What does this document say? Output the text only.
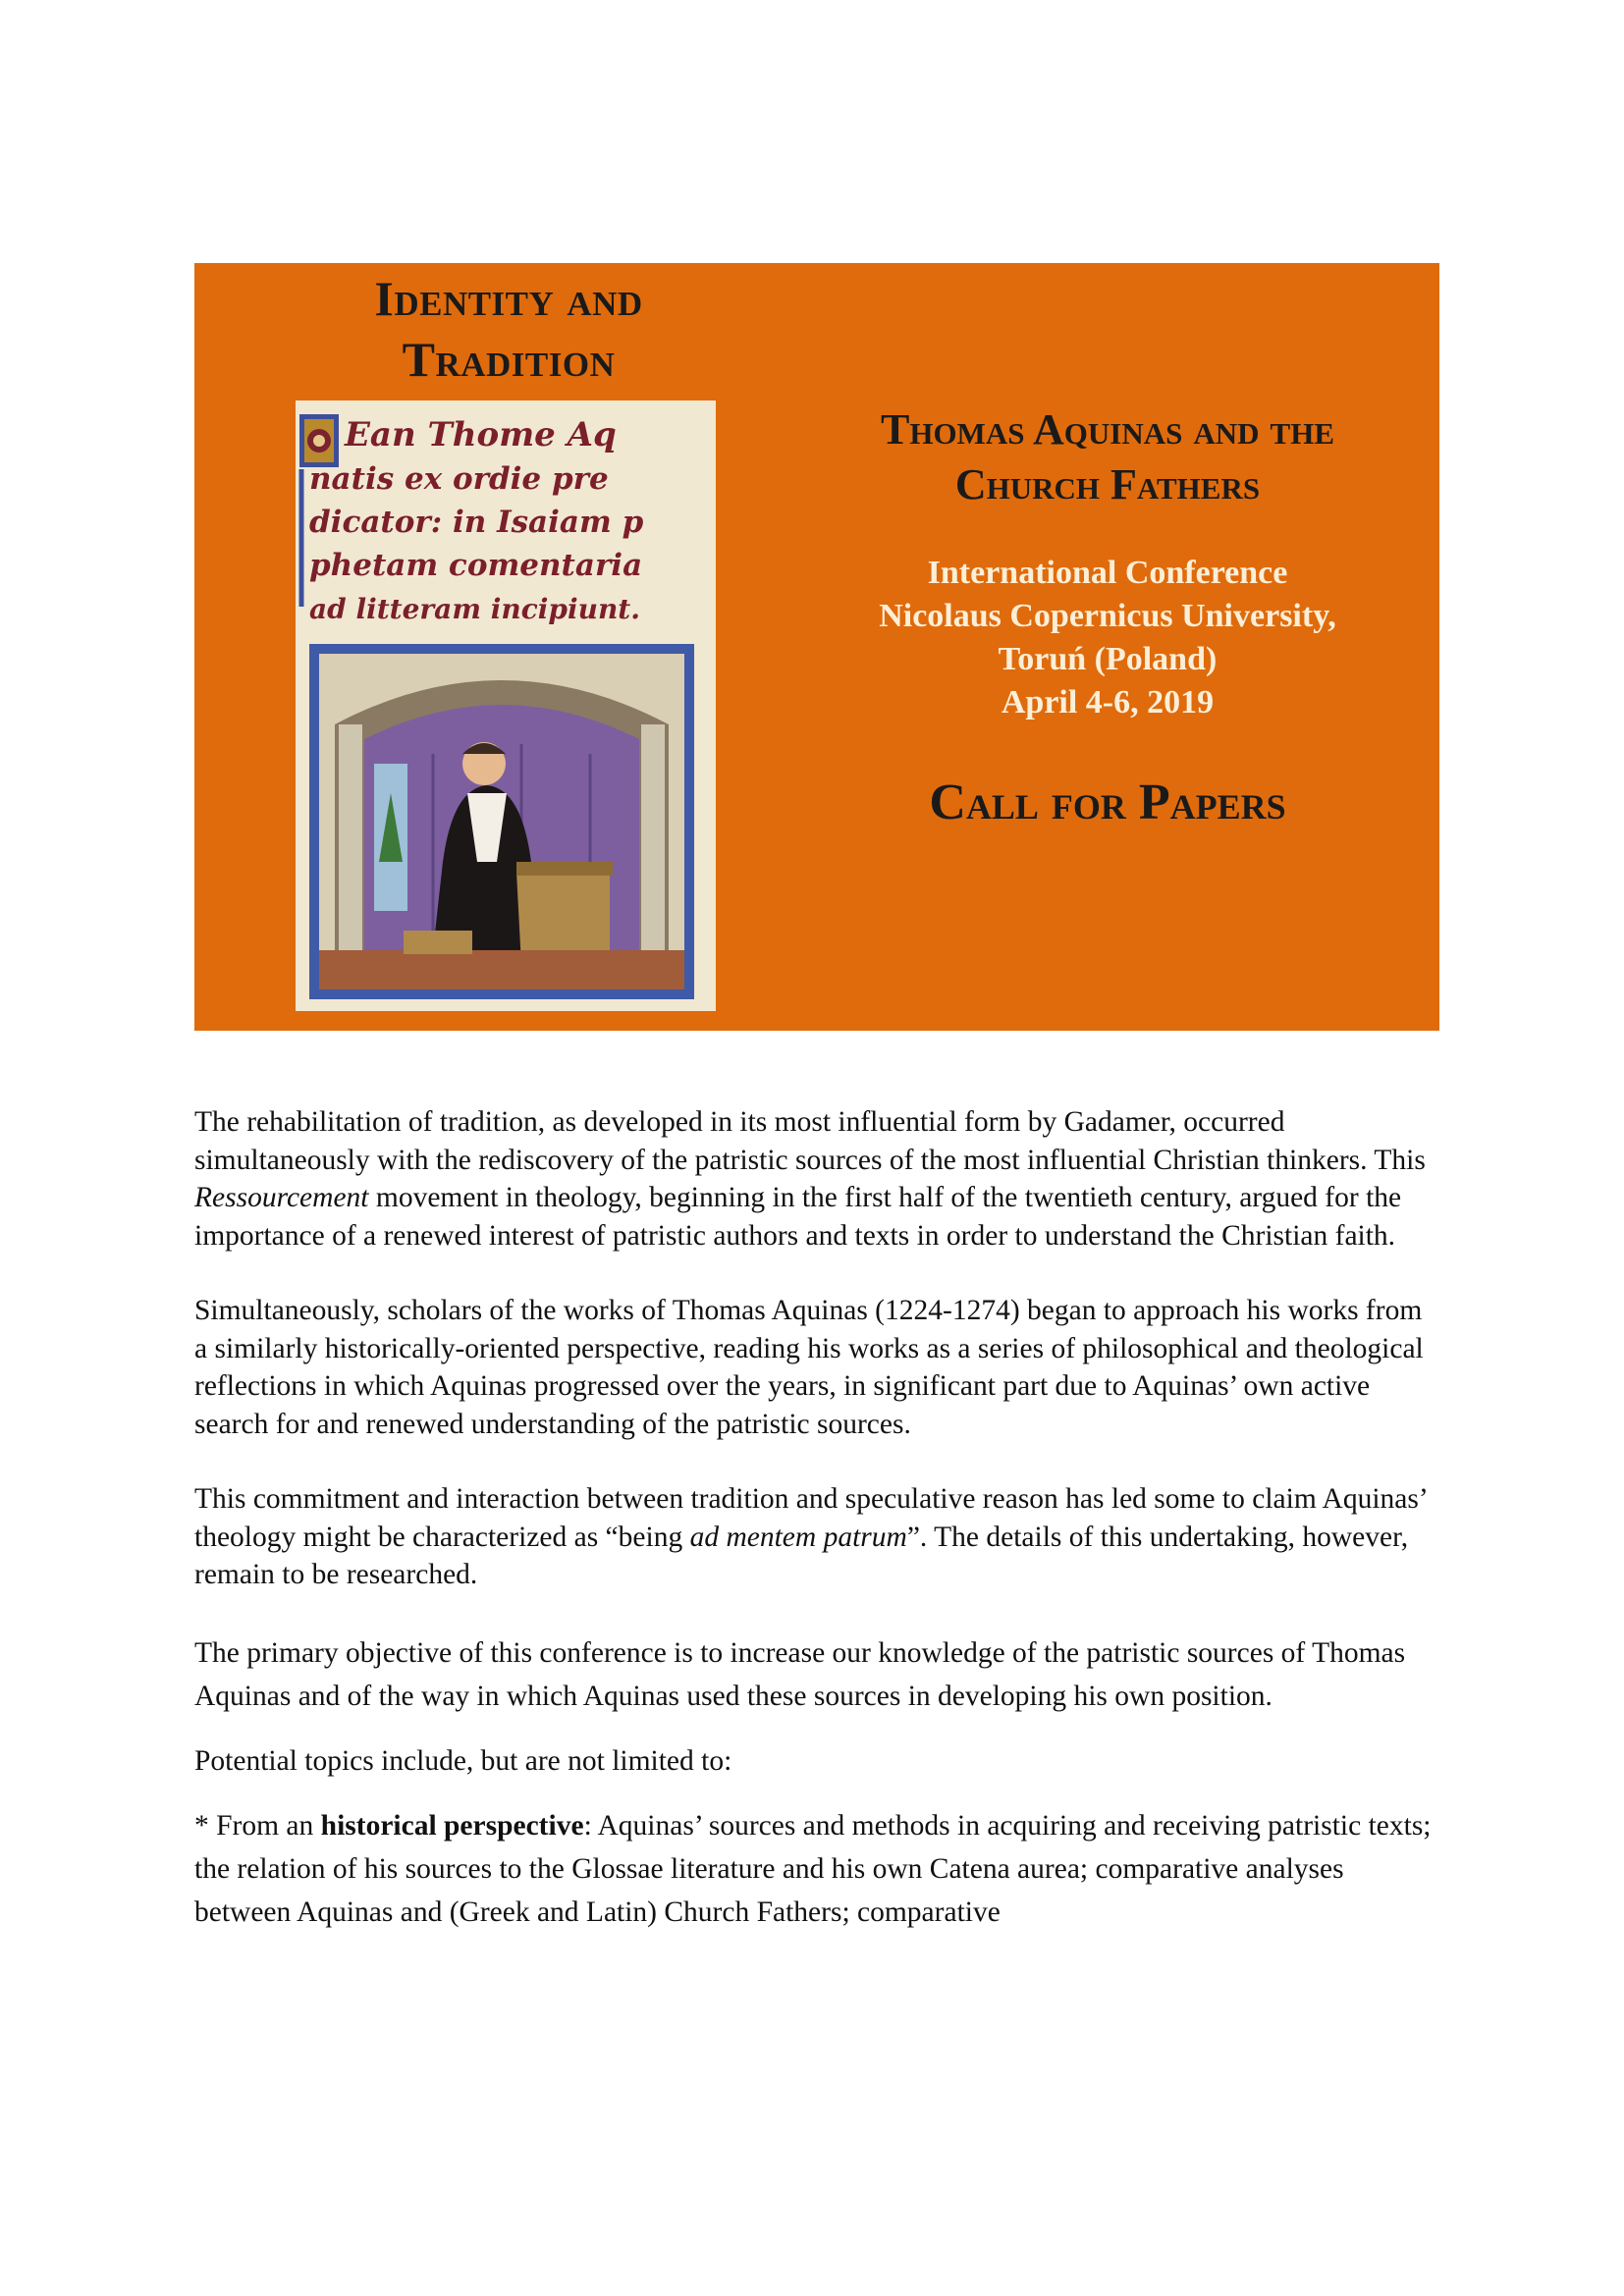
Identity and
Tradition
Ean Thome Aq
natis ex ordie pre
dicator: in Isaiam p
phetam comentaria
ad litteram incipiunt.
Thomas Aquinas and the
Church Fathers
International Conference
Nicolaus Copernicus University,
Toruń (Poland)
April 4-6, 2019
Call for Papers

The rehabilitation of tradition, as developed in its most influential form by Gadamer, occurred simultaneously with the rediscovery of the patristic sources of the most influential Christian thinkers. This Ressourcement movement in theology, beginning in the first half of the twentieth century, argued for the importance of a renewed interest of patristic authors and texts in order to understand the Christian faith.

Simultaneously, scholars of the works of Thomas Aquinas (1224-1274) began to approach his works from a similarly historically-oriented perspective, reading his works as a series of philosophical and theological reflections in which Aquinas progressed over the years, in significant part due to Aquinas’ own active search for and renewed understanding of the patristic sources.

This commitment and interaction between tradition and speculative reason has led some to claim Aquinas’ theology might be characterized as “being ad mentem patrum”. The details of this undertaking, however, remain to be researched.

The primary objective of this conference is to increase our knowledge of the patristic sources of Thomas Aquinas and of the way in which Aquinas used these sources in developing his own position.

Potential topics include, but are not limited to:

* From an historical perspective: Aquinas’ sources and methods in acquiring and receiving patristic texts; the relation of his sources to the Glossae literature and his own Catena aurea; comparative analyses between Aquinas and (Greek and Latin) Church Fathers; comparative
